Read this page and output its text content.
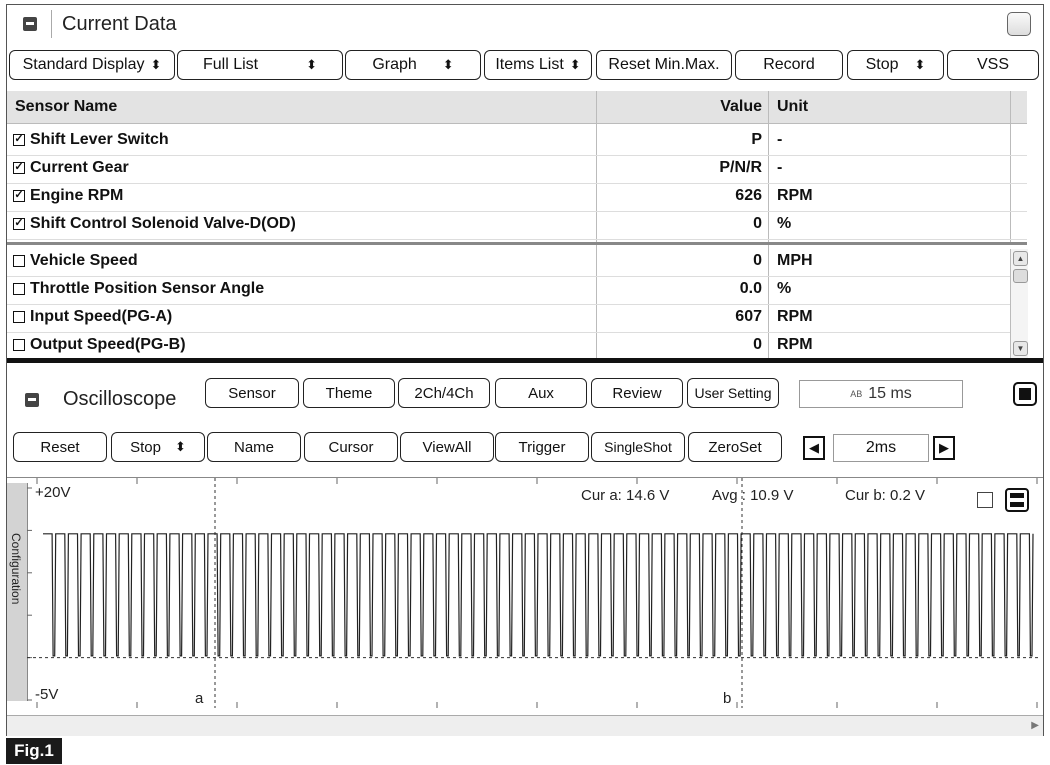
Current Data
Standard Display ⬍	Full List	⬍	Graph ⬍	Items List ⬍	Reset Min.Max.	Record	Stop ⬍	VSS
Sensor Name	Value Unit
✓ Shift Lever Switch	P -
✓ Current Gear	P/N/R -
✓ Engine RPM	626 RPM
✓ Shift Control Solenoid Valve-D(OD)	0 %
Vehicle Speed	0 MPH
Throttle Position Sensor Angle	0.0 %
Input Speed(PG-A)	607 RPM
Output Speed(PG-B)	0 RPM
▲
▼
Oscilloscope	Sensor	Theme	2Ch/4Ch	Aux	Review	User Setting	AB 15 ms
Reset	Stop ⬍	Name	Cursor	ViewAll	Trigger	SingleShot	ZeroSet	◀	2ms	▶
Configuration
+20V
-5V	a	b
Cur a: 14.6 V	Avg : 10.9 V	Cur b: 0.2 V
▶
Fig.1
